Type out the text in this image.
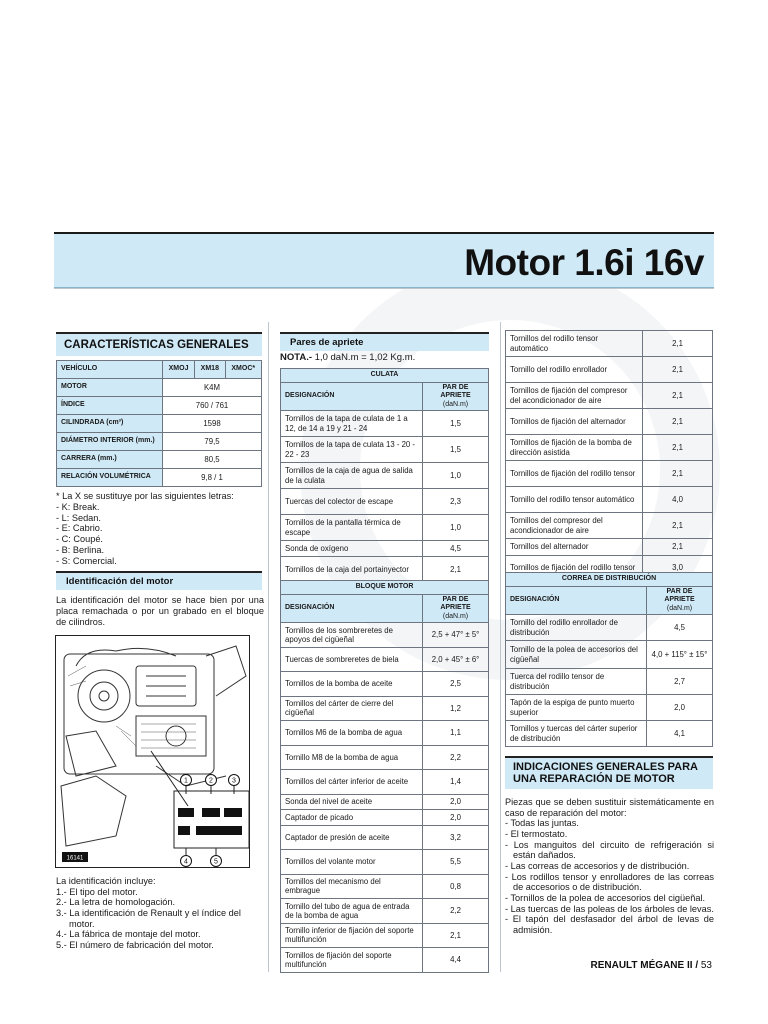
Motor 1.6i 16v
CARACTERÍSTICAS GENERALES
VEHÍCULO	XMOJ	XM18	XMOC*
MOTOR	K4M		
ÍNDICE	760 / 761		
CILINDRADA (cm³)	1598		
DIÁMETRO INTERIOR (mm.)	79,5		
CARRERA (mm.)	80,5		
RELACIÓN VOLUMÉTRICA	9,8 / 1		

* La X se sustituye por las siguientes letras:

- K: Break.

- L: Sedan.

- E: Cabrio.

- C: Coupé.

- B: Berlina.

- S: Comercial.

Identificación del motor
La identificación del motor se hace bien por una placa remachada o por un grabado en el bloque de cilindros.
1	2	3
4	5
16141

La identificación incluye:

1.- El tipo del motor.

2.- La letra de homologación.

3.- La identificación de Renault y el índice del motor.

4.- La fábrica de montaje del motor.

5.- El número de fabricación del motor.

Pares de apriete
NOTA.- 1,0 daN.m = 1,02 Kg.m.
CULATA	
DESIGNACIÓN	PAR DE APRIETE
(daN.m)

Tornillos de la tapa de culata de 1 a 12, de 14 a 19 y 21 - 24	1,5
Tornillos de la tapa de culata 13 - 20 - 22 - 23	1,5
Tornillos de la caja de agua de salida de la culata	1,0
Tuercas del colector de escape	2,3
Tornillos de la pantalla térmica de escape	1,0
Sonda de oxígeno	4,5
Tornillos de la caja del portainyector	2,1
BLOQUE MOTOR	
DESIGNACIÓN	PAR DE APRIETE
(daN.m)

Tornillos de los sombreretes de apoyos del cigüeñal	2,5 + 47° ± 5°
Tuercas de sombreretes de biela	2,0 + 45° ± 6°
Tornillos de la bomba de aceite	2,5
Tornillos del cárter de cierre del cigüeñal	1,2
Tornillos M6 de la bomba de agua	1,1
Tornillo M8 de la bomba de agua	2,2
Tornillos del cárter inferior de aceite	1,4
Sonda del nivel de aceite	2,0
Captador de picado	2,0
Captador de presión de aceite	3,2
Tornillos del volante motor	5,5
Tornillos del mecanismo del embrague	0,8
Tornillo del tubo de agua de entrada de la bomba de agua	2,2
Tornillo inferior de fijación del soporte multifunción	2,1
Tornillos de fijación del soporte multifunción	4,4
Tornillos del rodillo tensor automático	2,1
Tornillo del rodillo enrollador	2,1
Tornillos de fijación del compresor del acondicionador de aire	2,1
Tornillos de fijación del alternador	2,1
Tornillos de fijación de la bomba de dirección asistida	2,1
Tornillos de fijación del rodillo tensor	2,1
Tornillo del rodillo tensor automático	4,0
Tornillos del compresor del acondicionador de aire	2,1
Tornillos del alternador	2,1
Tornillos de fijación del rodillo tensor	3,0
CORREA DE DISTRIBUCIÓN	
DESIGNACIÓN	PAR DE APRIETE
(daN.m)

Tornillo del rodillo enrollador de distribución	4,5
Tornillo de la polea de accesorios del cigüeñal	4,0 + 115° ± 15°
Tuerca del rodillo tensor de distribución	2,7
Tapón de la espiga de punto muerto superior	2,0
Tornillos y tuercas del cárter superior de distribución	4,1
INDICACIONES GENERALES PARA
UNA REPARACIÓN DE MOTOR

Piezas que se deben sustituir sistemáticamente en caso de reparación del motor:

- Todas las juntas.

- El termostato.

- Los manguitos del circuito de refrigeración si están dañados.

- Las correas de accesorios y de distribución.

- Los rodillos tensor y enrolladores de las correas de accesorios o de distribución.

- Tornillos de la polea de accesorios del cigüeñal.

- Las tuercas de las poleas de los árboles de levas.

- El tapón del desfasador del árbol de levas de admisión.

RENAULT MÉGANE II / 53
